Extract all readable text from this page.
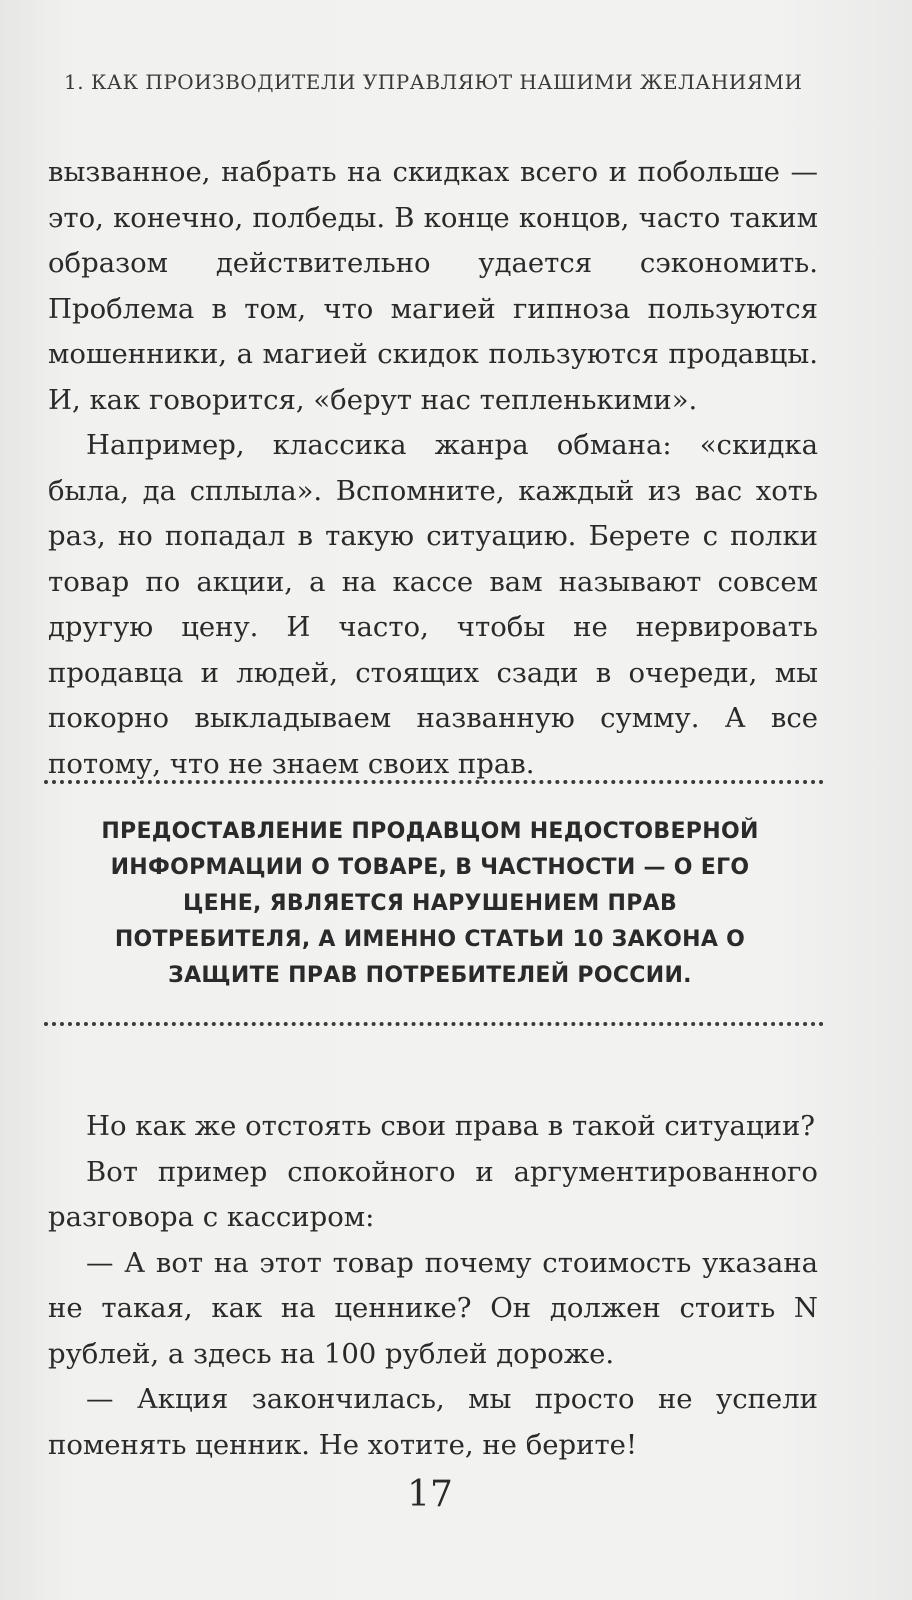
1. КАК ПРОИЗВОДИТЕЛИ УПРАВЛЯЮТ НАШИМИ ЖЕЛАНИЯМИ

вызванное, набрать на скидках всего и побольше — это, конечно, полбеды. В конце концов, часто таким образом действительно удается сэкономить. Проблема в том, что магией гипноза пользуются мошенники, а магией скидок пользуются продавцы. И, как говорится, «берут нас тепленькими».

Например, классика жанра обмана: «скидка была, да сплыла». Вспомните, каждый из вас хоть раз, но попадал в такую ситуацию. Берете с полки товар по акции, а на кассе вам называют совсем другую цену. И часто, чтобы не нервировать продавца и людей, стоящих сзади в очереди, мы покорно выкладываем названную сумму. А все потому, что не знаем своих прав.

ПРЕДОСТАВЛЕНИЕ ПРОДАВЦОМ НЕДОСТОВЕРНОЙ ИНФОРМАЦИИ О ТОВАРЕ, В ЧАСТНОСТИ — О ЕГО ЦЕНЕ, ЯВЛЯЕТСЯ НАРУШЕНИЕМ ПРАВ ПОТРЕБИТЕЛЯ, А ИМЕННО СТАТЬИ 10 ЗАКОНА О ЗАЩИТЕ ПРАВ ПОТРЕБИТЕЛЕЙ РОССИИ.

Но как же отстоять свои права в такой ситуации?

Вот пример спокойного и аргументированного разговора с кассиром:

— А вот на этот товар почему стоимость указана не такая, как на ценнике? Он должен стоить N рублей, а здесь на 100 рублей дороже.

— Акция закончилась, мы просто не успели поменять ценник. Не хотите, не берите!

17
